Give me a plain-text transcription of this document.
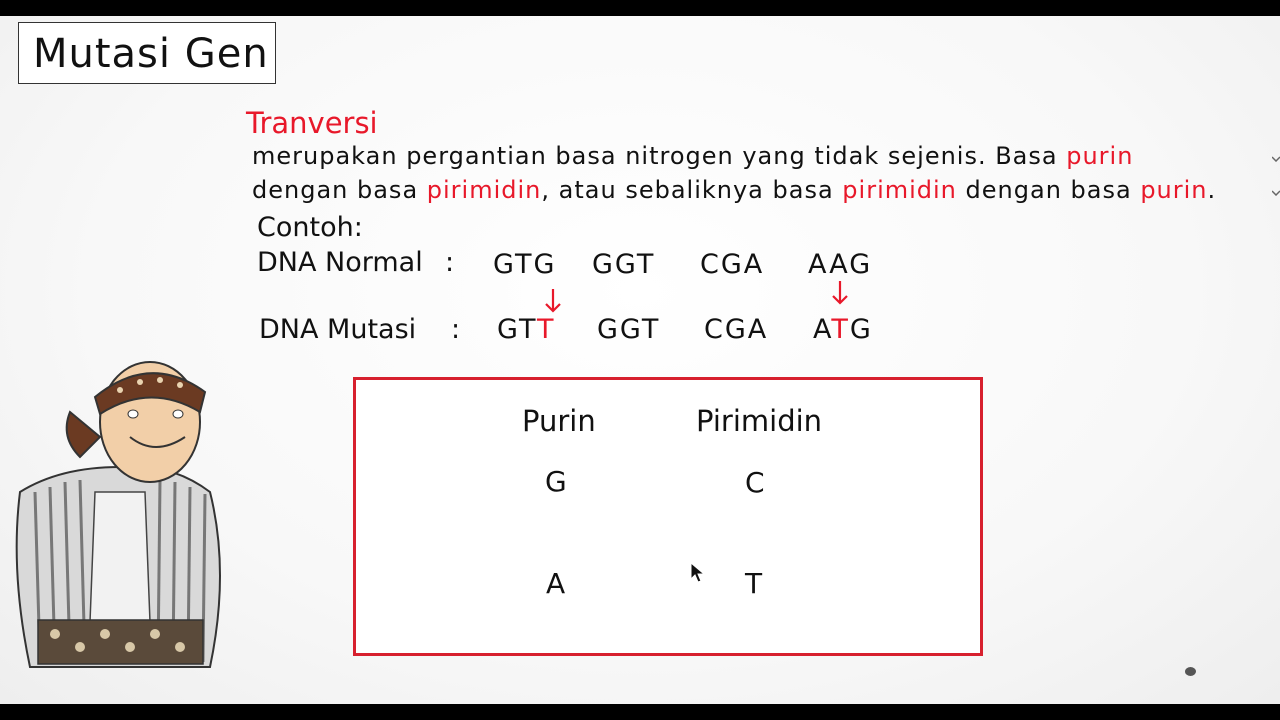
Mutasi Gen
Tranversi
merupakan pergantian basa nitrogen yang tidak sejenis. Basa purin
dengan basa pirimidin, atau sebaliknya basa pirimidin dengan basa purin.
Contoh:
DNA Normal : GTG GGT CGA AAG
DNA Mutasi : GTT GGT CGA ATG
Purin	Pirimidin
G	C
A	T
